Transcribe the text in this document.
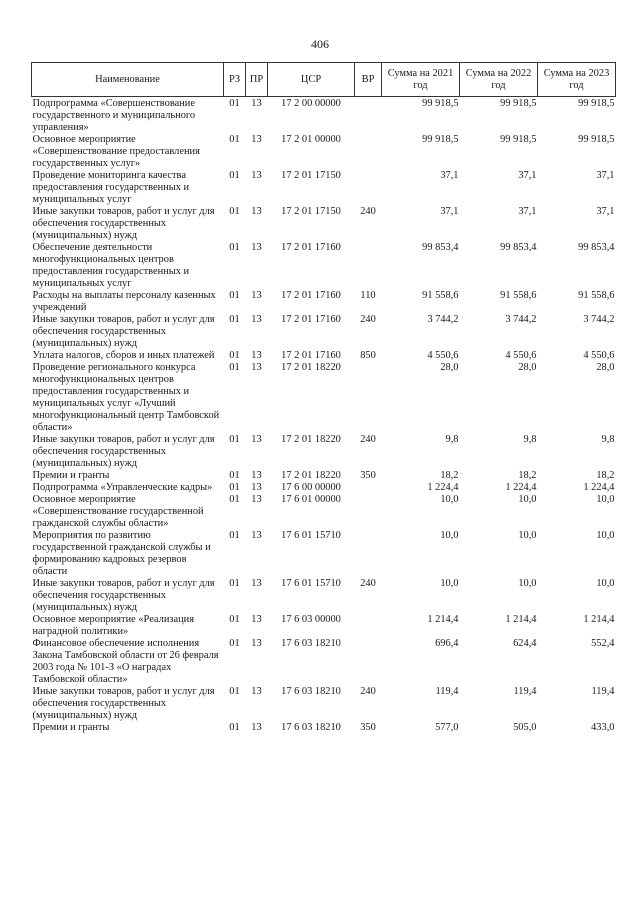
406
Наименование	РЗ	ПР	ЦСР	ВР	Сумма на 2021 год	Сумма на 2022 год	Сумма на 2023 год
Подпрограмма «Совершенствование государственного и муниципального управления»	01	13	17 2 00 00000		99 918,5	99 918,5	99 918,5
Основное мероприятие «Совершенствование предоставления государственных услуг»	01	13	17 2 01 00000		99 918,5	99 918,5	99 918,5
Проведение мониторинга качества предоставления государственных и муниципальных услуг	01	13	17 2 01 17150		37,1	37,1	37,1
Иные закупки товаров, работ и услуг для обеспечения государственных (муниципальных) нужд	01	13	17 2 01 17150	240	37,1	37,1	37,1
Обеспечение деятельности многофункциональных центров предоставления государственных и муниципальных услуг	01	13	17 2 01 17160		99 853,4	99 853,4	99 853,4
Расходы на выплаты персоналу казенных учреждений	01	13	17 2 01 17160	110	91 558,6	91 558,6	91 558,6
Иные закупки товаров, работ и услуг для обеспечения государственных (муниципальных) нужд	01	13	17 2 01 17160	240	3 744,2	3 744,2	3 744,2
Уплата налогов, сборов и иных платежей	01	13	17 2 01 17160	850	4 550,6	4 550,6	4 550,6
Проведение регионального конкурса многофункциональных центров предоставления государственных и муниципальных услуг «Лучший многофункциональный центр Тамбовской области»	01	13	17 2 01 18220		28,0	28,0	28,0
Иные закупки товаров, работ и услуг для обеспечения государственных (муниципальных) нужд	01	13	17 2 01 18220	240	9,8	9,8	9,8
Премии и гранты	01	13	17 2 01 18220	350	18,2	18,2	18,2
Подпрограмма «Управленческие кадры»	01	13	17 6 00 00000		1 224,4	1 224,4	1 224,4
Основное мероприятие «Совершенствование государственной гражданской службы области»	01	13	17 6 01 00000		10,0	10,0	10,0
Мероприятия по развитию государственной гражданской службы и формированию кадровых резервов области	01	13	17 6 01 15710		10,0	10,0	10,0
Иные закупки товаров, работ и услуг для обеспечения государственных (муниципальных) нужд	01	13	17 6 01 15710	240	10,0	10,0	10,0
Основное мероприятие «Реализация наградной политики»	01	13	17 6 03 00000		1 214,4	1 214,4	1 214,4
Финансовое обеспечение исполнения Закона Тамбовской области от 26 февраля 2003 года № 101-З «О наградах Тамбовской области»	01	13	17 6 03 18210		696,4	624,4	552,4
Иные закупки товаров, работ и услуг для обеспечения государственных (муниципальных) нужд	01	13	17 6 03 18210	240	119,4	119,4	119,4
Премии и гранты	01	13	17 6 03 18210	350	577,0	505,0	433,0
